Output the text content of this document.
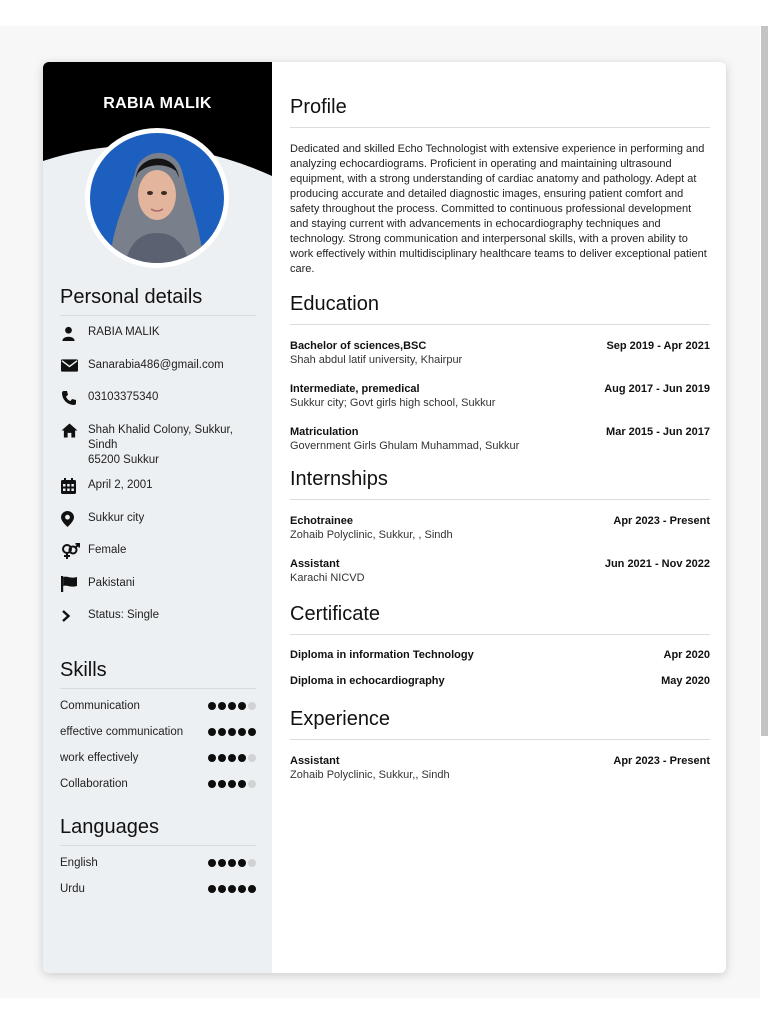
RABIA MALIK
Personal details
RABIA MALIK
Sanarabia486@gmail.com
03103375340
Shah Khalid Colony, Sukkur,
Sindh
65200 Sukkur
April 2, 2001
Sukkur city
Female
Pakistani
Status: Single
Skills
Communication
effective communication
work effectively
Collaboration
Languages
English
Urdu
Profile
Dedicated and skilled Echo Technologist with extensive experience in performing and analyzing echocardiograms. Proficient in operating and maintaining ultrasound equipment, with a strong understanding of cardiac anatomy and pathology. Adept at producing accurate and detailed diagnostic images, ensuring patient comfort and safety throughout the process. Committed to continuous professional development and staying current with advancements in echocardiography techniques and technology. Strong communication and interpersonal skills, with a proven ability to work effectively within multidisciplinary healthcare teams to deliver exceptional patient care.
Education
Bachelor of sciences,BSC	Sep 2019 - Apr 2021
Shah abdul latif university, Khairpur
Intermediate, premedical	Aug 2017 - Jun 2019
Sukkur city; Govt girls high school, Sukkur
Matriculation	Mar 2015 - Jun 2017
Government Girls Ghulam Muhammad, Sukkur
Internships
Echotrainee	Apr 2023 - Present
Zohaib Polyclinic, Sukkur, , Sindh
Assistant	Jun 2021 - Nov 2022
Karachi NICVD
Certificate
Diploma in information Technology	Apr 2020
Diploma in echocardiography	May 2020
Experience
Assistant	Apr 2023 - Present
Zohaib Polyclinic, Sukkur,, Sindh
